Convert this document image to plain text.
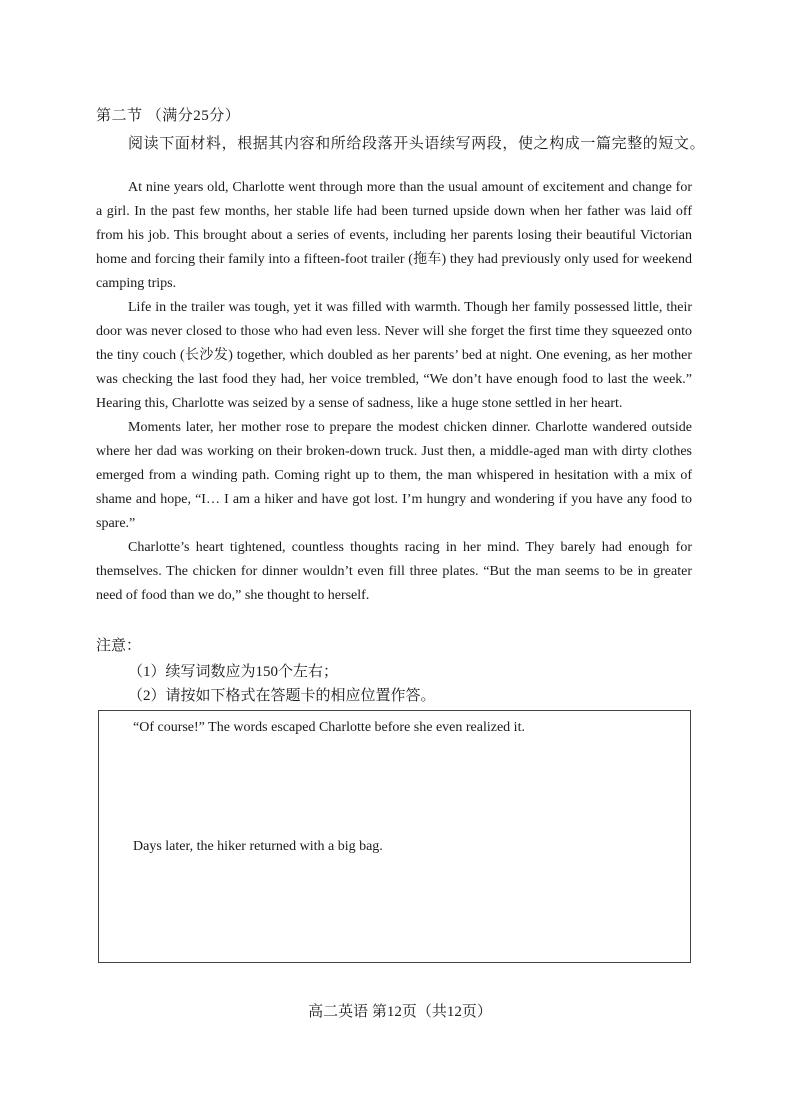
第二节 （满分25分）
阅读下面材料，根据其内容和所给段落开头语续写两段，使之构成一篇完整的短文。

At nine years old, Charlotte went through more than the usual amount of excitement and change for a girl. In the past few months, her stable life had been turned upside down when her father was laid off from his job. This brought about a series of events, including her parents losing their beautiful Victorian home and forcing their family into a fifteen-foot trailer (拖车) they had previously only used for weekend camping trips.

Life in the trailer was tough, yet it was filled with warmth. Though her family possessed little, their door was never closed to those who had even less. Never will she forget the first time they squeezed onto the tiny couch (长沙发) together, which doubled as her parents’ bed at night. One evening, as her mother was checking the last food they had, her voice trembled, “We don’t have enough food to last the week.” Hearing this, Charlotte was seized by a sense of sadness, like a huge stone settled in her heart.

Moments later, her mother rose to prepare the modest chicken dinner. Charlotte wandered outside where her dad was working on their broken-down truck. Just then, a middle-aged man with dirty clothes emerged from a winding path. Coming right up to them, the man whispered in hesitation with a mix of shame and hope, “I… I am a hiker and have got lost. I’m hungry and wondering if you have any food to spare.”

Charlotte’s heart tightened, countless thoughts racing in her mind. They barely had enough for themselves. The chicken for dinner wouldn’t even fill three plates. “But the man seems to be in greater need of food than we do,” she thought to herself.

注意：
（1）续写词数应为150个左右；
（2）请按如下格式在答题卡的相应位置作答。
“Of course!” The words escaped Charlotte before she even realized it.
Days later, the hiker returned with a big bag.
高二英语 第12页（共12页）
